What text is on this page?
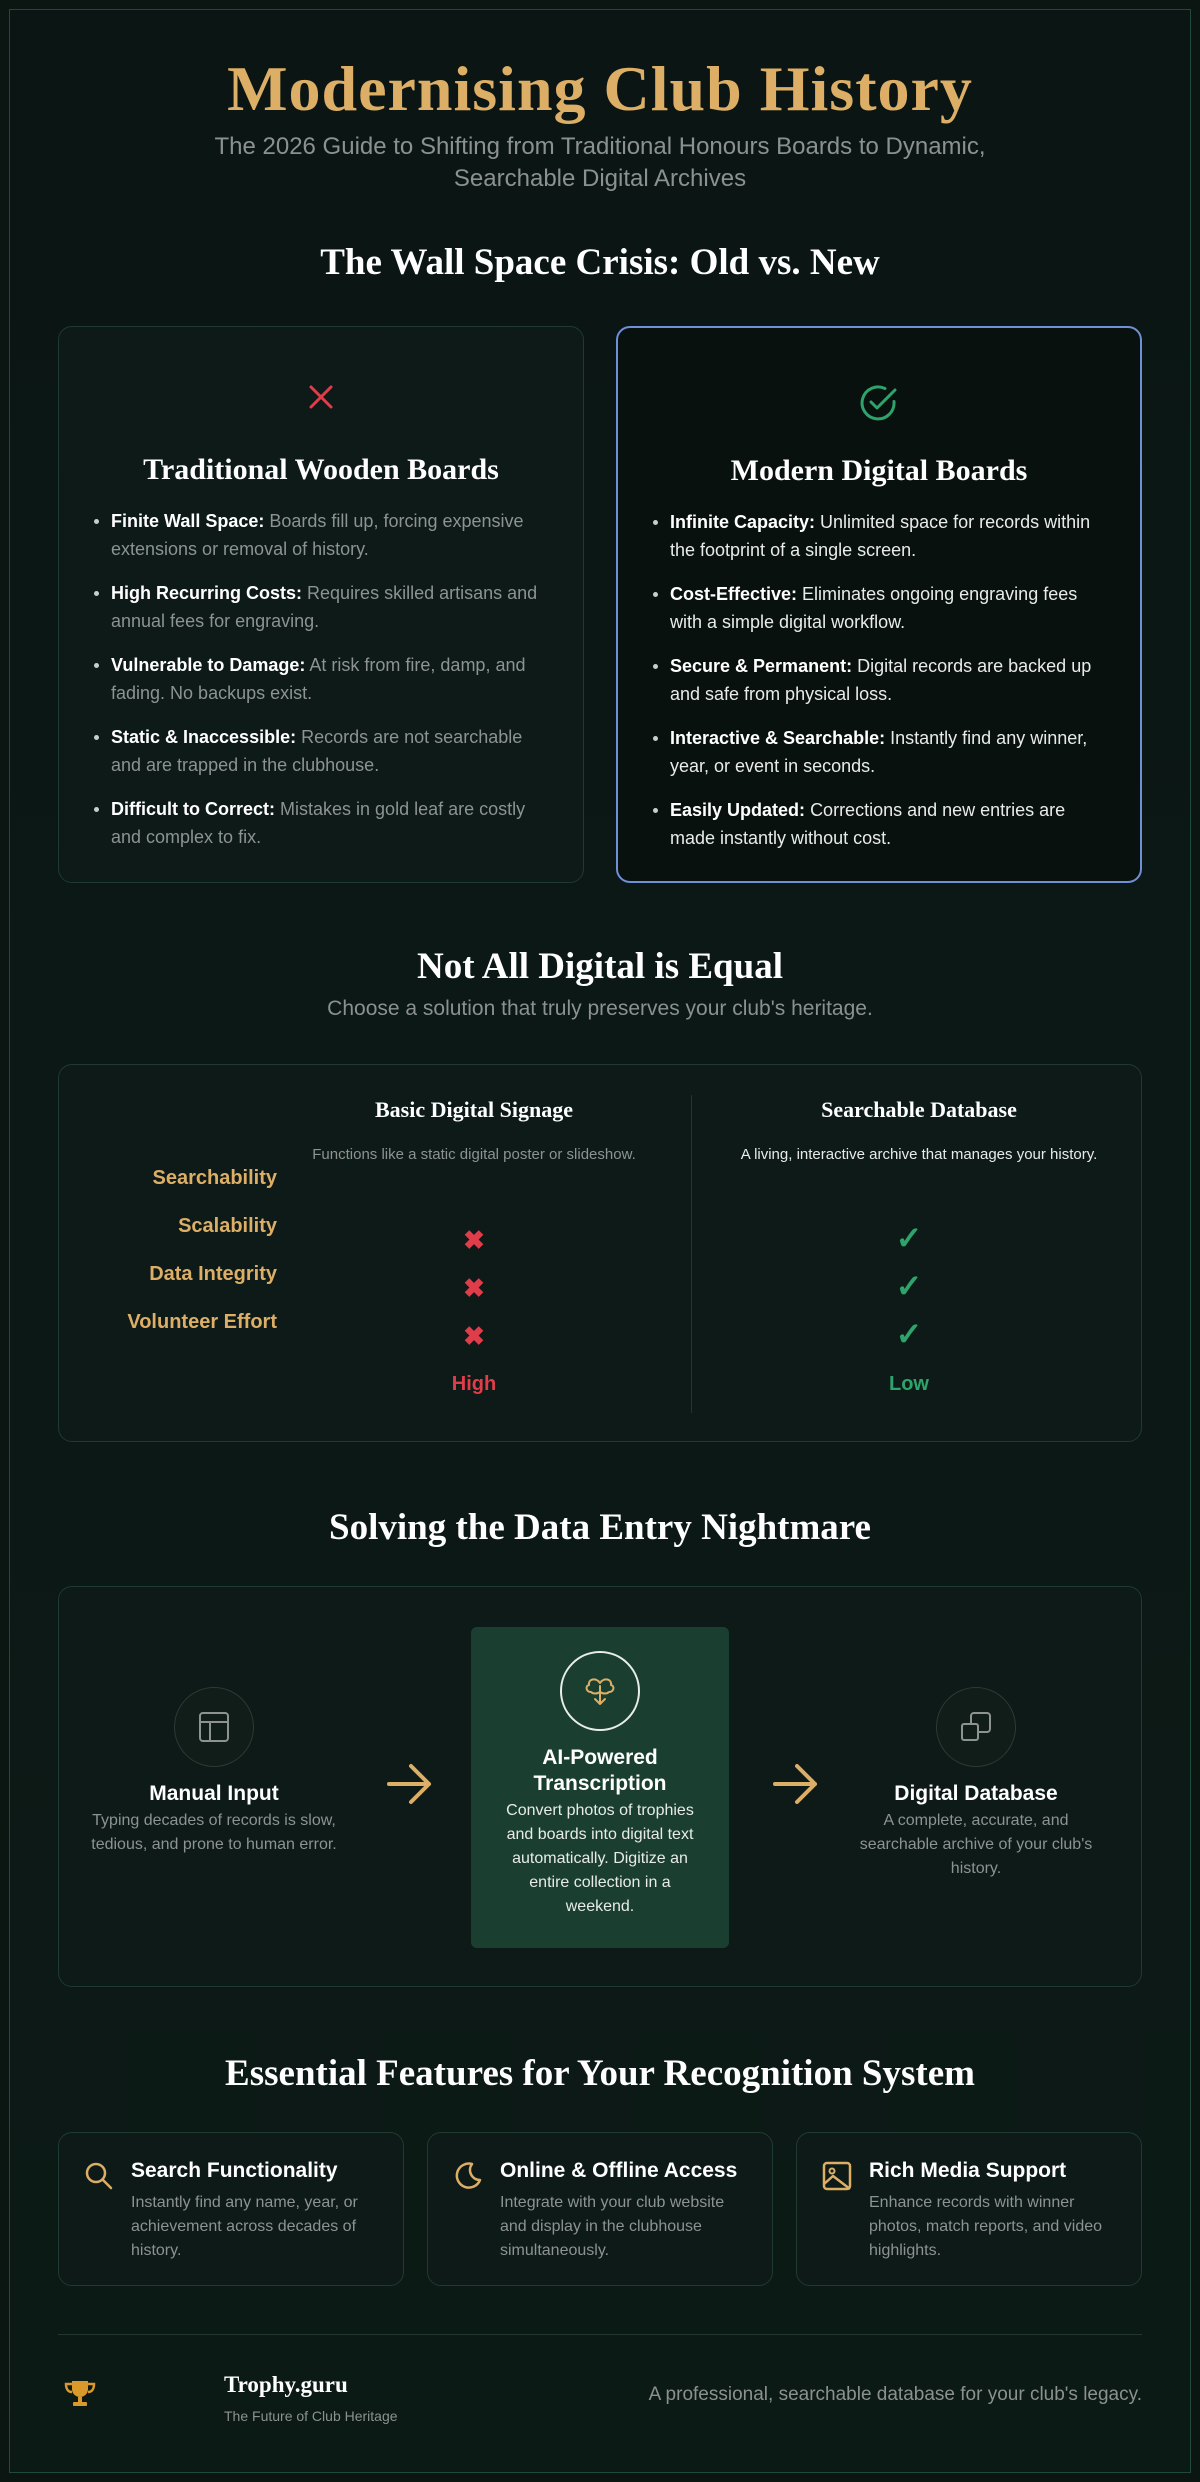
Modernising Club History

The 2026 Guide to Shifting from Traditional Honours Boards to Dynamic, Searchable Digital Archives

The Wall Space Crisis: Old vs. New
Traditional Wooden Boards
Finite Wall Space: Boards fill up, forcing expensive extensions or removal of history.
High Recurring Costs: Requires skilled artisans and annual fees for engraving.
Vulnerable to Damage: At risk from fire, damp, and fading. No backups exist.
Static & Inaccessible: Records are not searchable and are trapped in the clubhouse.
Difficult to Correct: Mistakes in gold leaf are costly and complex to fix.
Modern Digital Boards
Infinite Capacity: Unlimited space for records within the footprint of a single screen.
Cost-Effective: Eliminates ongoing engraving fees with a simple digital workflow.
Secure & Permanent: Digital records are backed up and safe from physical loss.
Interactive & Searchable: Instantly find any winner, year, or event in seconds.
Easily Updated: Corrections and new entries are made instantly without cost.
Not All Digital is Equal

Choose a solution that truly preserves your club's heritage.

Basic Digital Signage
Functions like a static digital poster or slideshow.
Searchable Database
A living, interactive archive that manages your history.
Searchability
Scalability
Data Integrity
Volunteer Effort
✖
✖
✖
High
✓
✓
✓
Low
Solving the Data Entry Nightmare
Manual Input
Typing decades of records is slow, tedious, and prone to human error.
AI-Powered Transcription
Convert photos of trophies and boards into digital text automatically. Digitize an entire collection in a weekend.
Digital Database
A complete, accurate, and searchable archive of your club's history.
Essential Features for Your Recognition System
Search Functionality
Instantly find any name, year, or achievement across decades of history.
Online & Offline Access
Integrate with your club website and display in the clubhouse simultaneously.
Rich Media Support
Enhance records with winner photos, match reports, and video highlights.
Trophy.guru
The Future of Club Heritage
A professional, searchable database for your club's legacy.
